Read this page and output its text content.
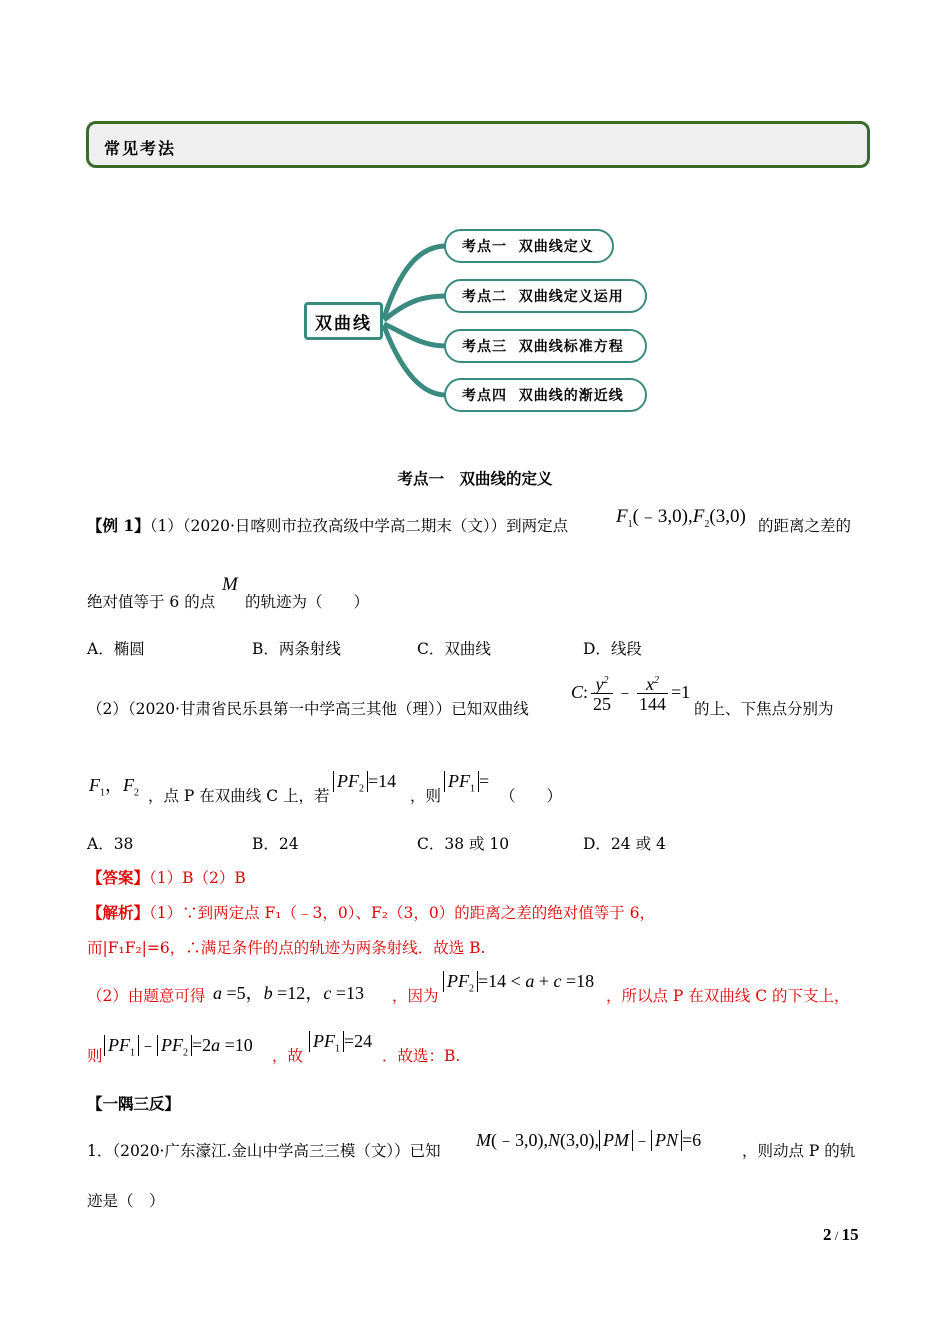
常见考法
双曲线
考点一  双曲线定义
考点二  双曲线定义运用
考点三  双曲线标准方程
考点四  双曲线的渐近线
考点一　双曲线的定义
【例 1】（1）（2020·日喀则市拉孜高级中学高二期末（文））到两定点	$F_1(﹣3,0),F_2(3,0)$ 的距离之差的
绝对值等于 6 的点
M
的轨迹为（　　）
A．椭圆	B．两条射线	C．双曲线	D．线段
（2）（2020·甘肃省民乐县第一中学高三其他（理））已知双曲线
C: $\frac{y^2}{25}$ ﹣ $\frac{x^2}{144} =1$
的上、下焦点分别为
$F_1$，$F_2$ ，点 P 在双曲线 C 上，若
$PF_2 =14$
，则
$PF_1$ =
（　　）
A．38	B．24	C．38 或 10	D．24 或 4
【答案】（1）B（2）B
【解析】（1）∵到两定点 F₁（﹣3，0）、F₂（3，0）的距离之差的绝对值等于 6，
而|F₁F₂|=6，∴满足条件的点的轨迹为两条射线．故选 B.
（2）由题意可得 a =5，b =12，c =13 ，因为
$PF_2 =14 < a + c =18$
，所以点 P 在双曲线 C 的下支上，
则
$PF_1$ ﹣ $PF_2 =2a =10$
，故
$PF_1 =24$
．故选：B.
【一隅三反】
1．（2020·广东濠江.金山中学高三三模（文））已知
M(﹣3,0),N(3,0), PM ﹣ PN =6
，则动点 P 的轨
迹是（　）
2 / 15
